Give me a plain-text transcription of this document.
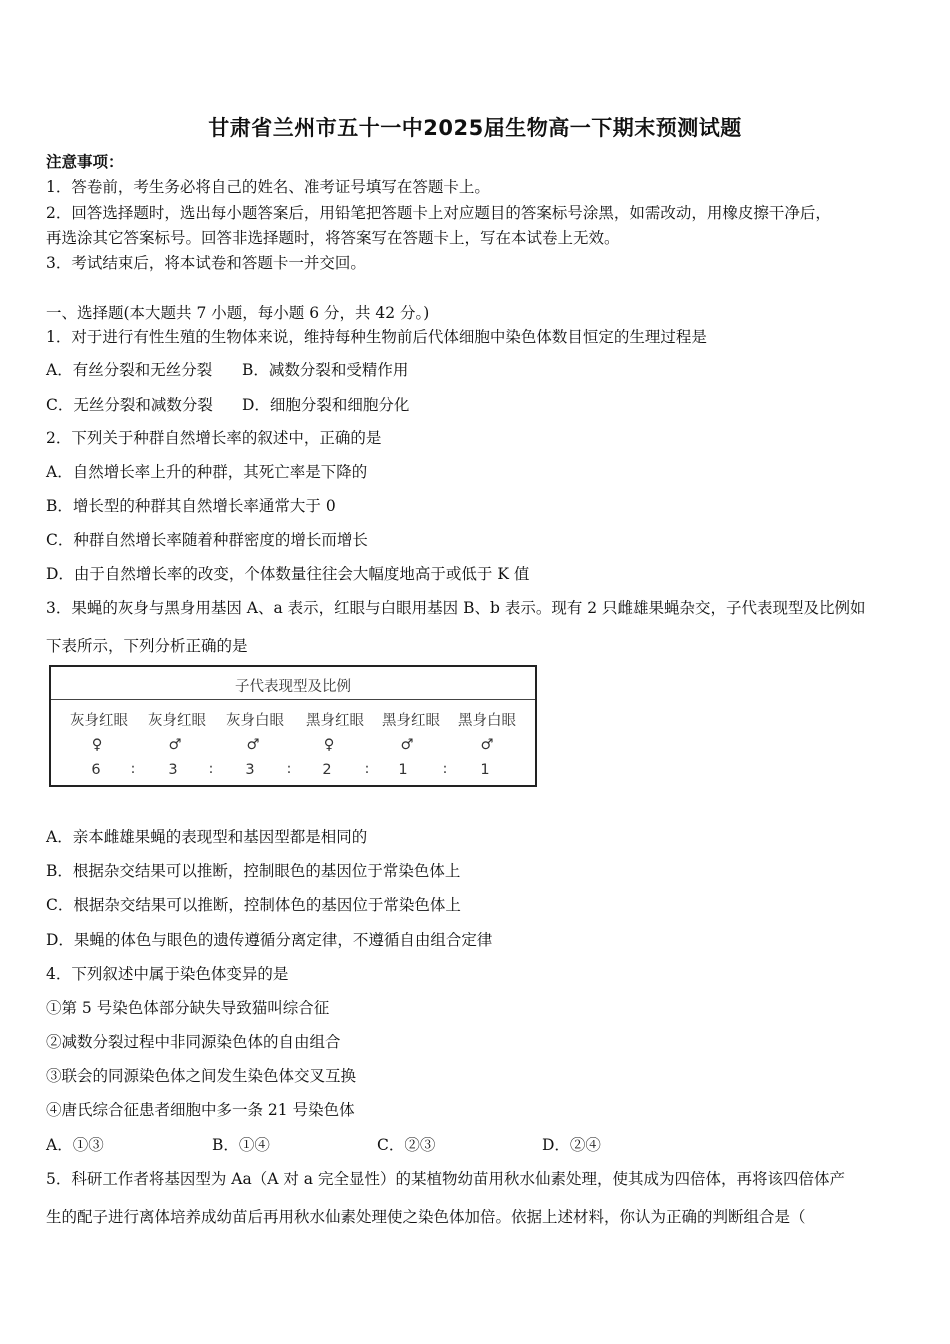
甘肃省兰州市五十一中2025届生物高一下期末预测试题
注意事项：
1．答卷前，考生务必将自己的姓名、准考证号填写在答题卡上。
2．回答选择题时，选出每小题答案后，用铅笔把答题卡上对应题目的答案标号涂黑，如需改动，用橡皮擦干净后，
再选涂其它答案标号。回答非选择题时，将答案写在答题卡上，写在本试卷上无效。
3．考试结束后，将本试卷和答题卡一并交回。
一、选择题(本大题共 7 小题，每小题 6 分，共 42 分。)
1．对于进行有性生殖的生物体来说，维持每种生物前后代体细胞中染色体数目恒定的生理过程是
A．有丝分裂和无丝分裂 B．减数分裂和受精作用
C．无丝分裂和减数分裂 D．细胞分裂和细胞分化
2．下列关于种群自然增长率的叙述中，正确的是
A．自然增长率上升的种群，其死亡率是下降的
B．增长型的种群其自然增长率通常大于 0
C．种群自然增长率随着种群密度的增长而增长
D．由于自然增长率的改变，个体数量往往会大幅度地高于或低于 K 值
3．果蝇的灰身与黑身用基因 A、a 表示，红眼与白眼用基因 B、b 表示。现有 2 只雌雄果蝇杂交，子代表现型及比例如
下表所示，下列分析正确的是
子代表现型及比例
灰身红眼	灰身红眼	灰身白眼	黑身红眼	黑身红眼	黑身白眼
♀	♂	♂	♀	♂	♂
6	:	3	:	3	:	2	:	1	:	1
A．亲本雌雄果蝇的表现型和基因型都是相同的
B．根据杂交结果可以推断，控制眼色的基因位于常染色体上
C．根据杂交结果可以推断，控制体色的基因位于常染色体上
D．果蝇的体色与眼色的遗传遵循分离定律，不遵循自由组合定律
4．下列叙述中属于染色体变异的是
①第 5 号染色体部分缺失导致猫叫综合征
②减数分裂过程中非同源染色体的自由组合
③联会的同源染色体之间发生染色体交叉互换
④唐氏综合征患者细胞中多一条 21 号染色体
A．①③	B．①④	C．②③	D．②④
5．科研工作者将基因型为 Aa（A 对 a 完全显性）的某植物幼苗用秋水仙素处理，使其成为四倍体，再将该四倍体产
生的配子进行离体培养成幼苗后再用秋水仙素处理使之染色体加倍。依据上述材料，你认为正确的判断组合是（
